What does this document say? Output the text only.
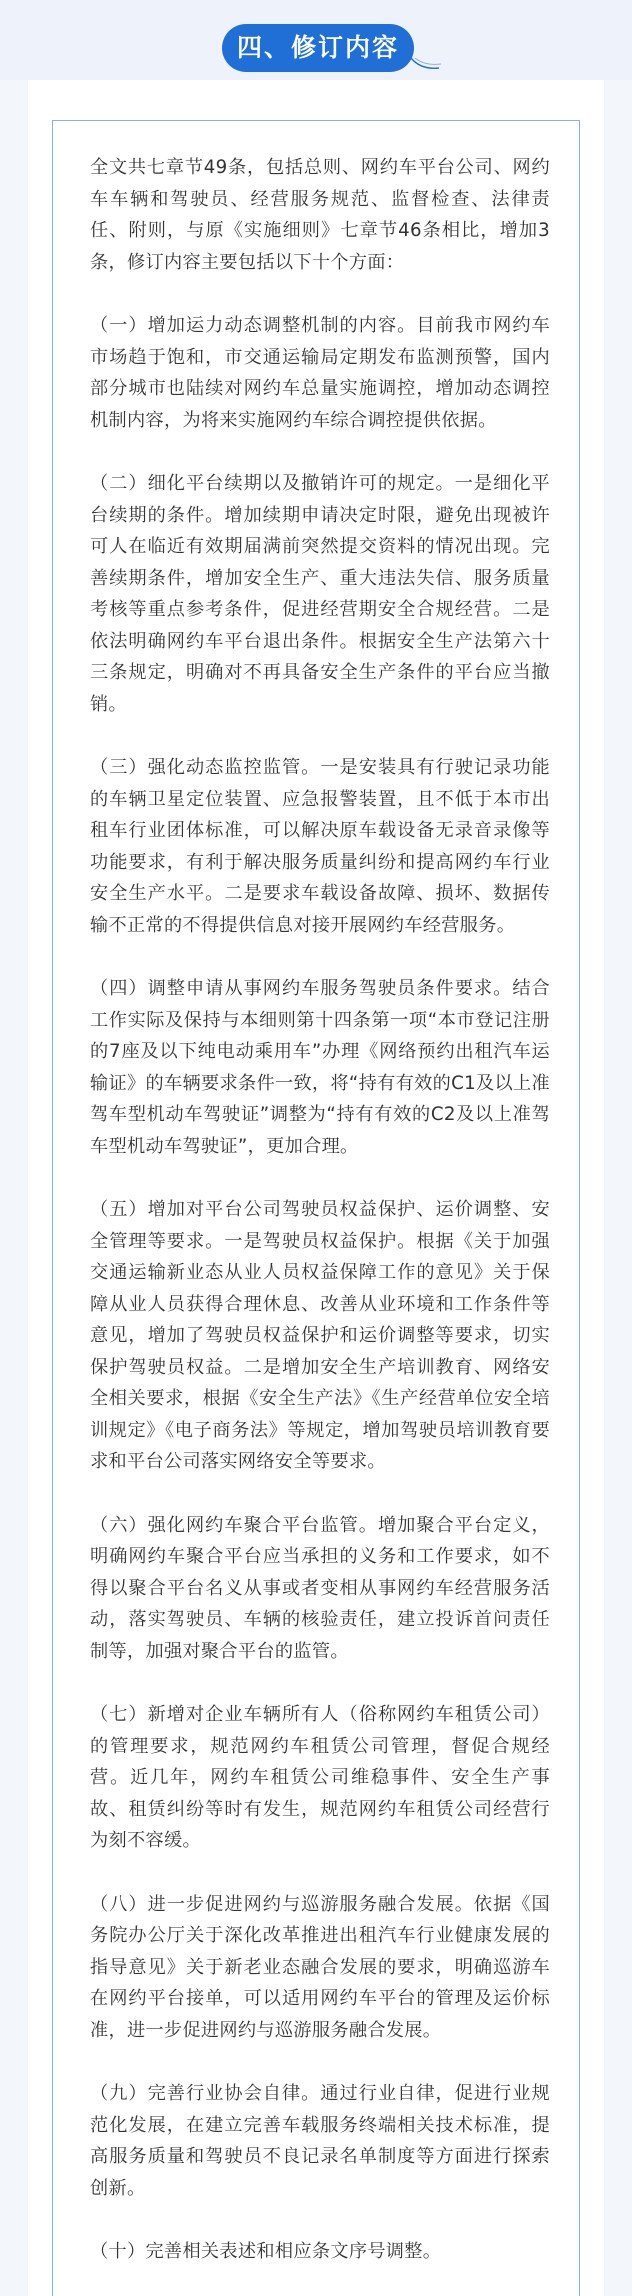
四、修订内容

全文共七章节49条，包括总则、网约车平台公司、网约车车辆和驾驶员、经营服务规范、监督检查、法律责任、附则，与原《实施细则》七章节46条相比，增加3条，修订内容主要包括以下十个方面：

（一）增加运力动态调整机制的内容。目前我市网约车市场趋于饱和，市交通运输局定期发布监测预警，国内部分城市也陆续对网约车总量实施调控，增加动态调控机制内容，为将来实施网约车综合调控提供依据。

（二）细化平台续期以及撤销许可的规定。一是细化平台续期的条件。增加续期申请决定时限，避免出现被许可人在临近有效期届满前突然提交资料的情况出现。完善续期条件，增加安全生产、重大违法失信、服务质量考核等重点参考条件，促进经营期安全合规经营。二是依法明确网约车平台退出条件。根据安全生产法第六十三条规定，明确对不再具备安全生产条件的平台应当撤销。

（三）强化动态监控监管。一是安装具有行驶记录功能的车辆卫星定位装置、应急报警装置，且不低于本市出租车行业团体标准，可以解决原车载设备无录音录像等功能要求，有利于解决服务质量纠纷和提高网约车行业安全生产水平。二是要求车载设备故障、损坏、数据传输不正常的不得提供信息对接开展网约车经营服务。

（四）调整申请从事网约车服务驾驶员条件要求。结合工作实际及保持与本细则第十四条第一项“本市登记注册的7座及以下纯电动乘用车”办理《网络预约出租汽车运输证》的车辆要求条件一致，将“持有有效的C1及以上准驾车型机动车驾驶证”调整为“持有有效的C2及以上准驾车型机动车驾驶证”，更加合理。

（五）增加对平台公司驾驶员权益保护、运价调整、安全管理等要求。一是驾驶员权益保护。根据《关于加强交通运输新业态从业人员权益保障工作的意见》关于保障从业人员获得合理休息、改善从业环境和工作条件等意见，增加了驾驶员权益保护和运价调整等要求，切实保护驾驶员权益。二是增加安全生产培训教育、网络安全相关要求，根据《安全生产法》《生产经营单位安全培训规定》《电子商务法》等规定，增加驾驶员培训教育要求和平台公司落实网络安全等要求。

（六）强化网约车聚合平台监管。增加聚合平台定义，明确网约车聚合平台应当承担的义务和工作要求，如不得以聚合平台名义从事或者变相从事网约车经营服务活动，落实驾驶员、车辆的核验责任，建立投诉首问责任制等，加强对聚合平台的监管。

（七）新增对企业车辆所有人（俗称网约车租赁公司）的管理要求，规范网约车租赁公司管理，督促合规经营。近几年，网约车租赁公司维稳事件、安全生产事故、租赁纠纷等时有发生，规范网约车租赁公司经营行为刻不容缓。

（八）进一步促进网约与巡游服务融合发展。依据《国务院办公厅关于深化改革推进出租汽车行业健康发展的指导意见》关于新老业态融合发展的要求，明确巡游车在网约平台接单，可以适用网约车平台的管理及运价标准，进一步促进网约与巡游服务融合发展。

（九）完善行业协会自律。通过行业自律，促进行业规范化发展，在建立完善车载服务终端相关技术标准，提高服务质量和驾驶员不良记录名单制度等方面进行探索创新。

（十）完善相关表述和相应条文序号调整。
